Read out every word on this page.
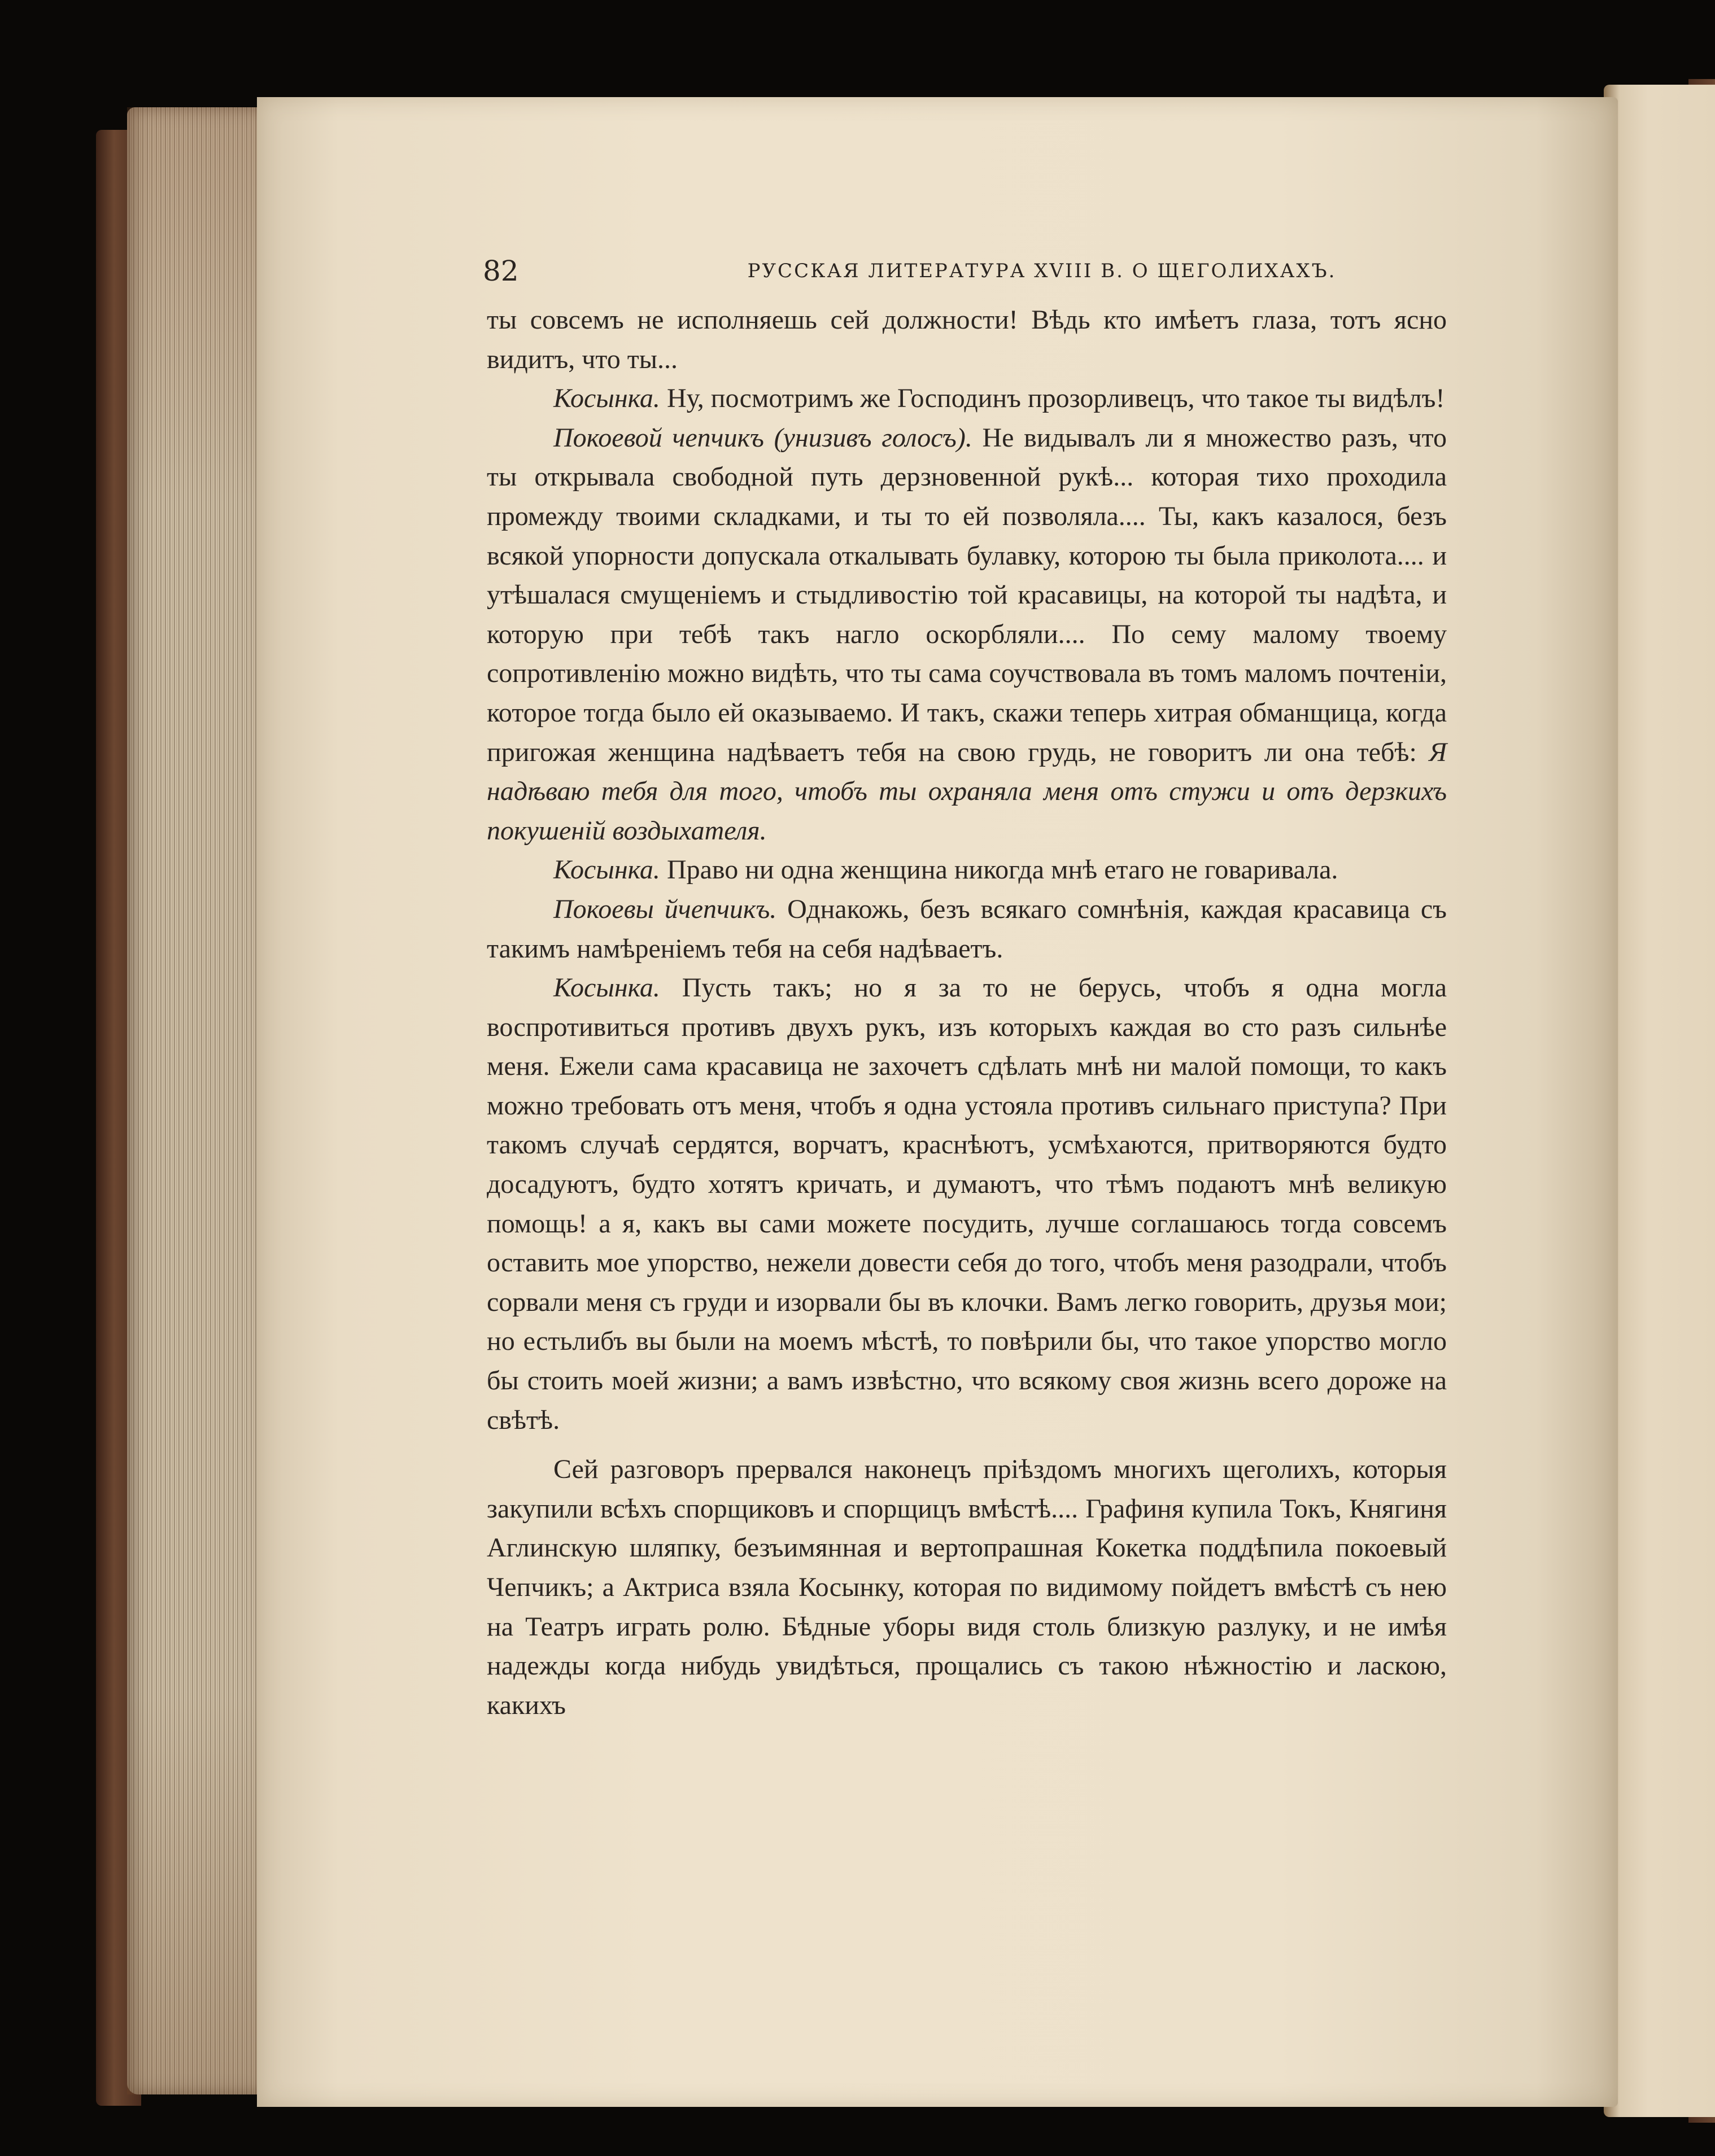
82	РУССКАЯ ЛИТЕРАТУРА XVIII В. О ЩЕГОЛИХАХЪ.

ты совсемъ не исполняешь сей должности! Вѣдь кто имѣетъ глаза, тотъ ясно видитъ, что ты...

Косынка. Ну, посмотримъ же Господинъ прозорливецъ, что такое ты видѣлъ!

Покоевой чепчикъ (унизивъ голосъ). Не видывалъ ли я множество разъ, что ты открывала свободной путь дерзновенной рукѣ... которая тихо проходила промежду твоими складками, и ты то ей позволяла.... Ты, какъ казалося, безъ всякой упорности допускала откалывать булавку, которою ты была приколота.... и утѣшалася смущеніемъ и стыдливостію той красавицы, на которой ты надѣта, и которую при тебѣ такъ нагло оскорбляли.... По сему малому твоему сопротивленію можно видѣть, что ты сама соучствовала въ томъ маломъ почтеніи, которое тогда было ей оказываемо. И такъ, скажи теперь хитрая обманщица, когда пригожая женщина надѣваетъ тебя на свою грудь, не говоритъ ли она тебѣ: Я надѣваю тебя для того, чтобъ ты охраняла меня отъ стужи и отъ дерзкихъ покушеній воздыхателя.

Косынка. Право ни одна женщина никогда мнѣ етаго не говаривала.

Покоевы йчепчикъ. Однакожь, безъ всякаго сомнѣнія, каждая красавица съ такимъ намѣреніемъ тебя на себя надѣваетъ.

Косынка. Пусть такъ; но я за то не берусь, чтобъ я одна могла воспротивиться противъ двухъ рукъ, изъ которыхъ каждая во сто разъ сильнѣе меня. Ежели сама красавица не захочетъ сдѣлать мнѣ ни малой помощи, то какъ можно требовать отъ меня, чтобъ я одна устояла противъ сильнаго приступа? При такомъ случаѣ сердятся, ворчатъ, краснѣютъ, усмѣхаются, притворяются будто досадуютъ, будто хотятъ кричать, и думаютъ, что тѣмъ подаютъ мнѣ великую помощь! а я, какъ вы сами можете посудить, лучше соглашаюсь тогда совсемъ оставить мое упорство, нежели довести себя до того, чтобъ меня разодрали, чтобъ сорвали меня съ груди и изорвали бы въ клочки. Вамъ легко говорить, друзья мои; но естьлибъ вы были на моемъ мѣстѣ, то повѣрили бы, что такое упорство могло бы стоить моей жизни; а вамъ извѣстно, что всякому своя жизнь всего дороже на свѣтѣ.

Сей разговоръ прервался наконецъ пріѣздомъ многихъ щеголихъ, которыя закупили всѣхъ спорщиковъ и спорщицъ вмѣстѣ.... Графиня купила Токъ, Княгиня Аглинскую шляпку, безъимянная и вертопрашная Кокетка поддѣпила покоевый Чепчикъ; а Актриса взяла Косынку, которая по видимому пойдетъ вмѣстѣ съ нею на Театръ играть ролю. Бѣдные уборы видя столь близкую разлуку, и не имѣя надежды когда нибудь увидѣться, прощались съ такою нѣжностію и ласкою, какихъ
